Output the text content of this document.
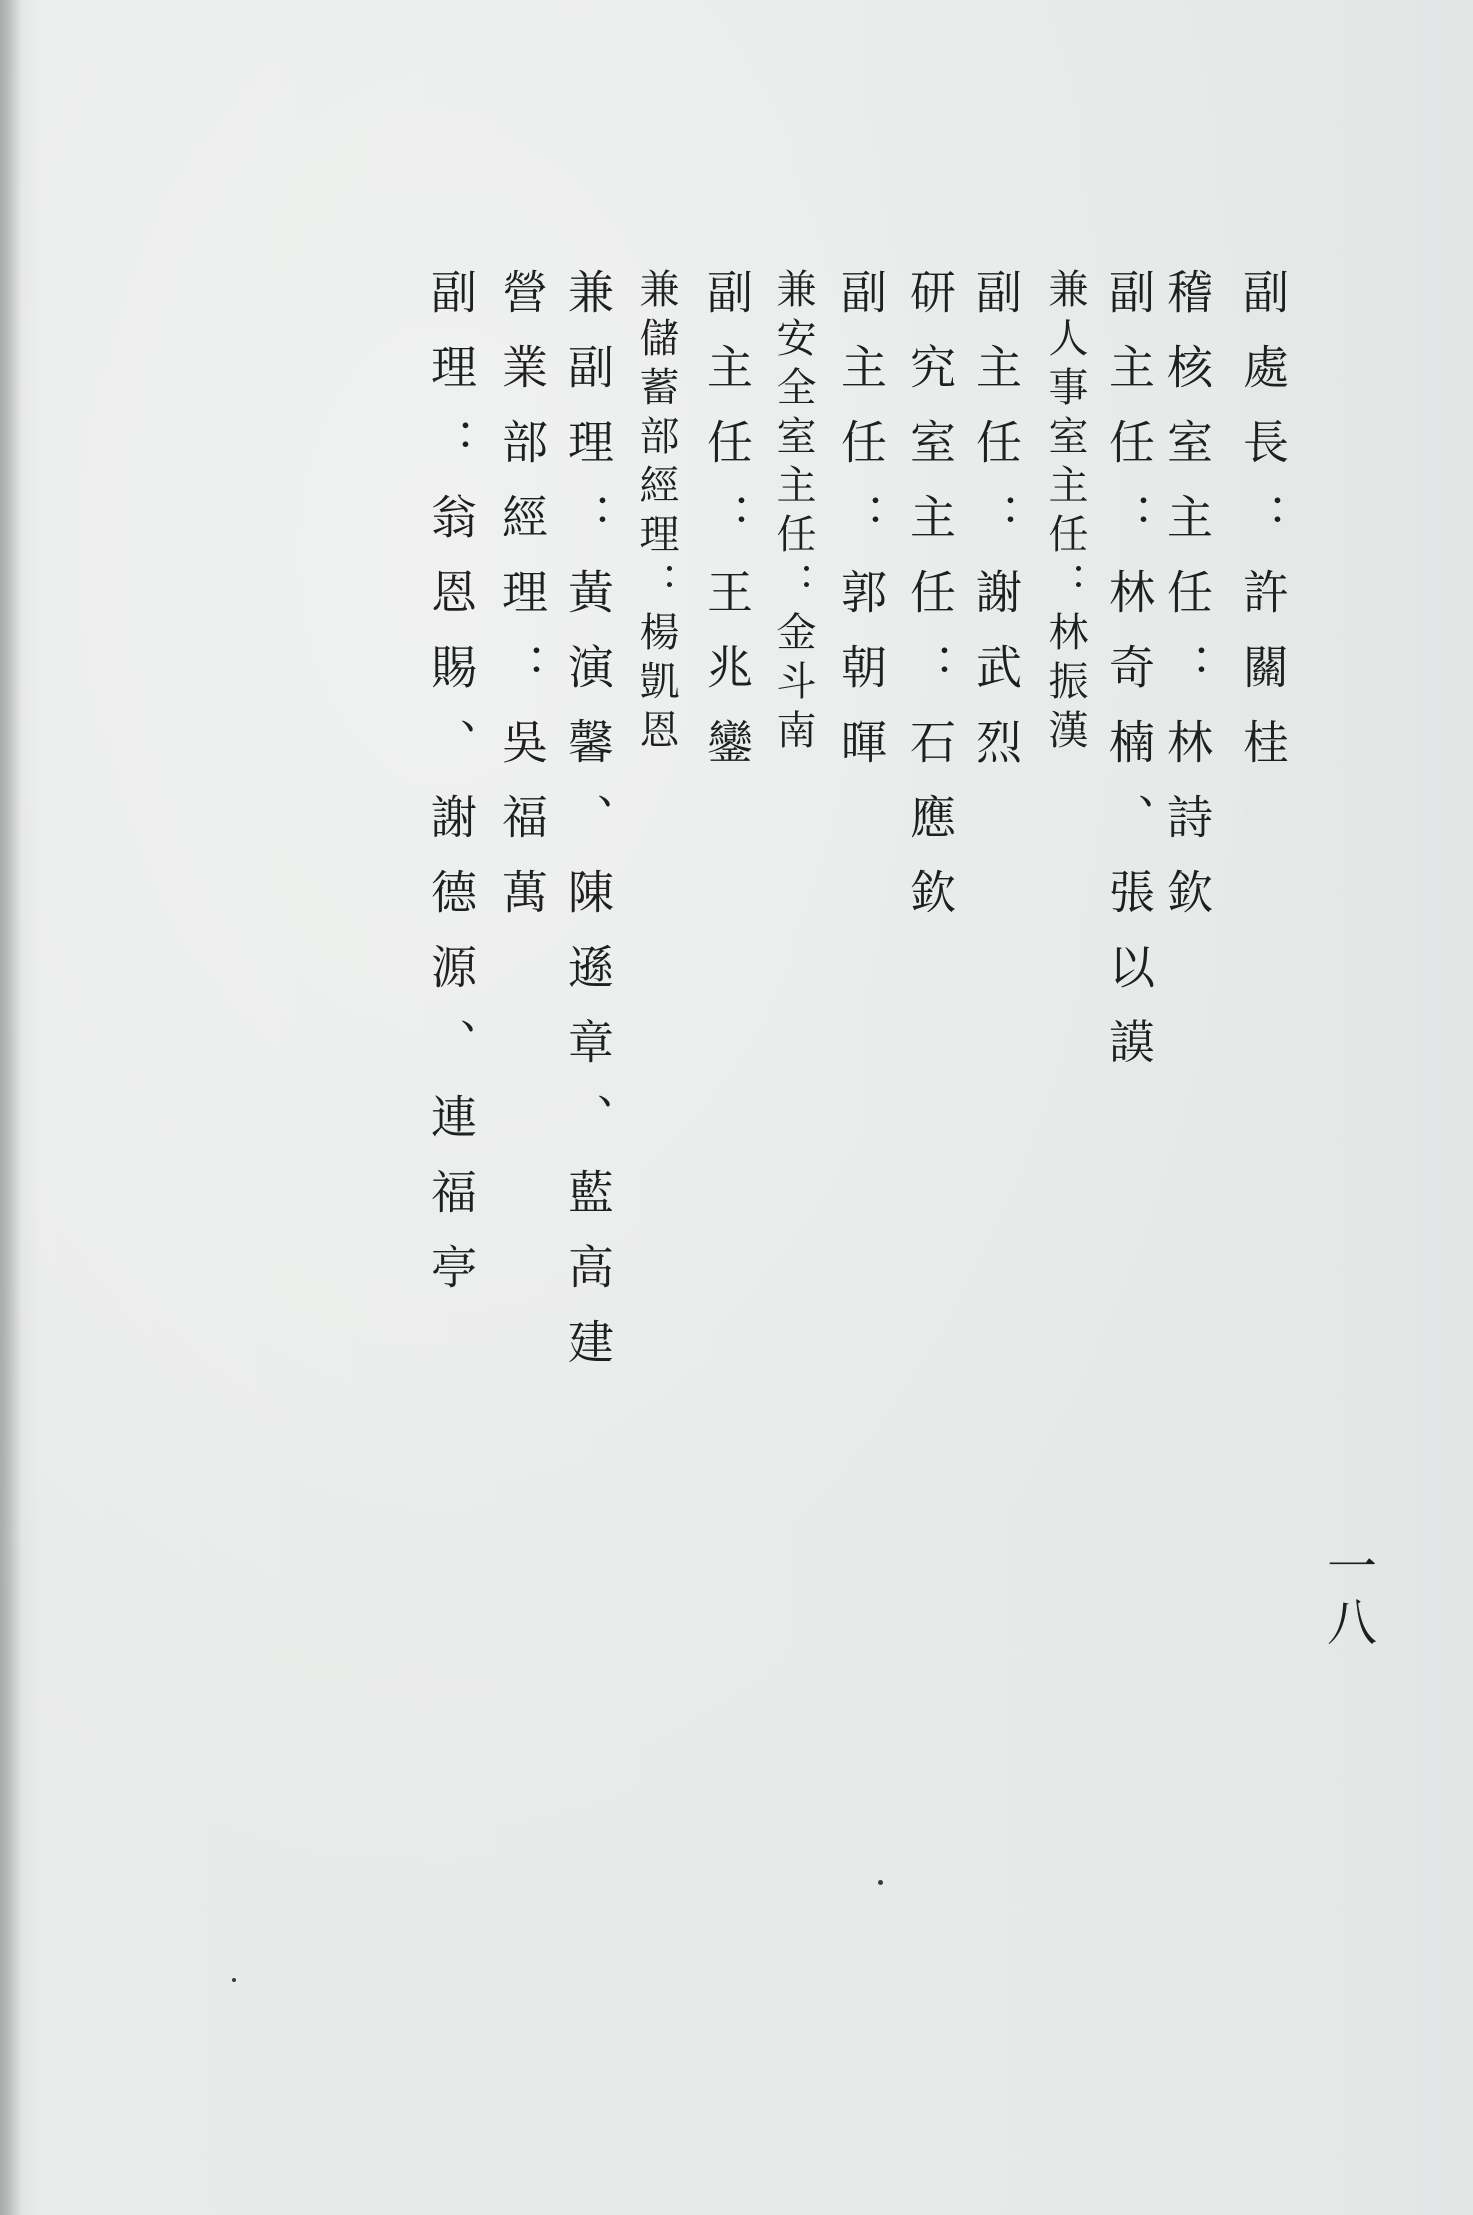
副處長：許關桂
稽核室主任：林詩欽
副主任：林奇楠、張以謨
兼人事室主任：林振漢
副主任：謝武烈
研究室主任：石應欽
副主任：郭朝暉
兼安全室主任：金斗南
副主任：王兆鑾
兼儲蓄部經理：楊凱恩
兼副理：黃演馨、陳遜章、藍高建
營業部經理：吳福萬
副理：翁恩賜、謝德源、連福亭
一八
